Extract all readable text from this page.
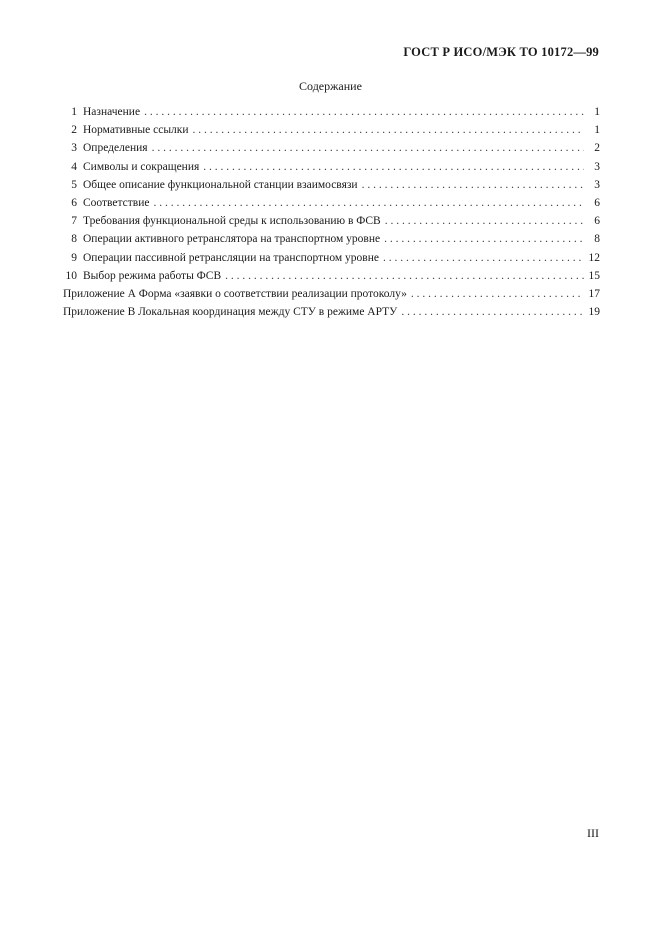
ГОСТ Р ИСО/МЭК ТО 10172—99
Содержание
1 Назначение . . .	1
2 Нормативные ссылки . . .	1
3 Определения . . .	2
4 Символы и сокращения . . .	3
5 Общее описание функциональной станции взаимосвязи . . .	3
6 Соответствие . . .	6
7 Требования функциональной среды к использованию в ФСВ . . .	6
8 Операции активного ретранслятора на транспортном уровне . . .	8
9 Операции пассивной ретрансляции на транспортном уровне . . .	12
10 Выбор режима работы ФСВ . . .	15
Приложение А Форма «заявки о соответствии реализации протоколу» . . .	17
Приложение В Локальная координация между СТУ в режиме АРТУ . . .	19
III
